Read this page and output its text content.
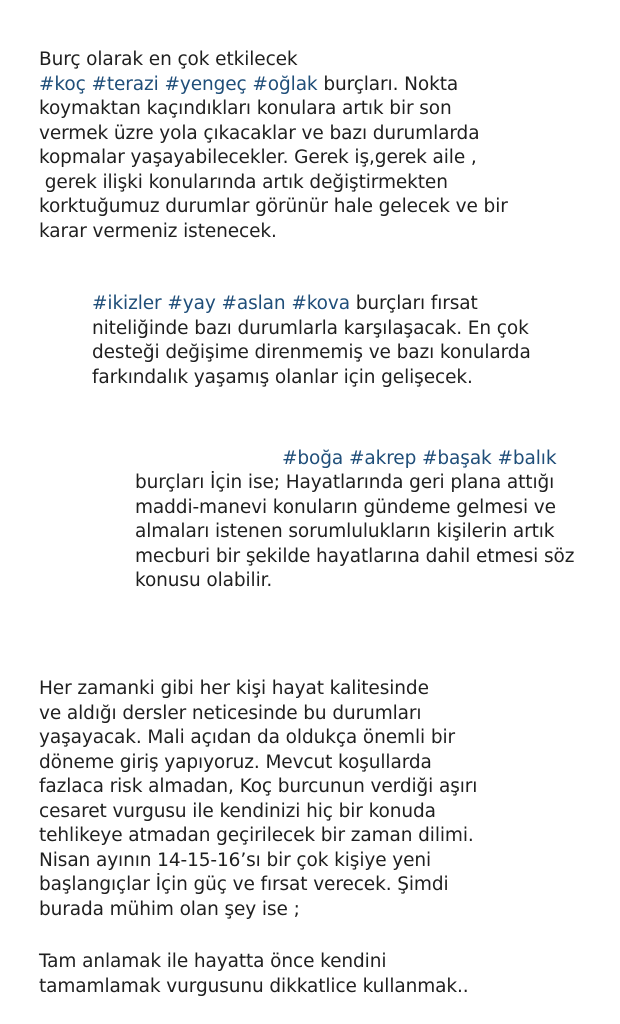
Burç olarak en çok etkilecek
#koç #terazi #yengeç #oğlak burçları. Nokta
koymaktan kaçındıkları konulara artık bir son
vermek üzre yola çıkacaklar ve bazı durumlarda
kopmalar yaşayabilecekler. Gerek iş,gerek aile ,
gerek ilişki konularında artık değiştirmekten
korktuğumuz durumlar görünür hale gelecek ve bir
karar vermeniz istenecek.
#ikizler #yay #aslan #kova burçları fırsat
niteliğinde bazı durumlarla karşılaşacak. En çok
desteği değişime direnmemiş ve bazı konularda
farkındalık yaşamış olanlar için gelişecek.
#boğa #akrep #başak #balık
burçları İçin ise; Hayatlarında geri plana attığı
maddi-manevi konuların gündeme gelmesi ve
almaları istenen sorumlulukların kişilerin artık
mecburi bir şekilde hayatlarına dahil etmesi söz
konusu olabilir.
Her zamanki gibi her kişi hayat kalitesinde
ve aldığı dersler neticesinde bu durumları
yaşayacak. Mali açıdan da oldukça önemli bir
döneme giriş yapıyoruz. Mevcut koşullarda
fazlaca risk almadan, Koç burcunun verdiği aşırı
cesaret vurgusu ile kendinizi hiç bir konuda
tehlikeye atmadan geçirilecek bir zaman dilimi.
Nisan ayının 14-15-16’sı bir çok kişiye yeni
başlangıçlar İçin güç ve fırsat verecek. Şimdi
burada mühim olan şey ise ;
Tam anlamak ile hayatta önce kendini
tamamlamak vurgusunu dikkatlice kullanmak..
